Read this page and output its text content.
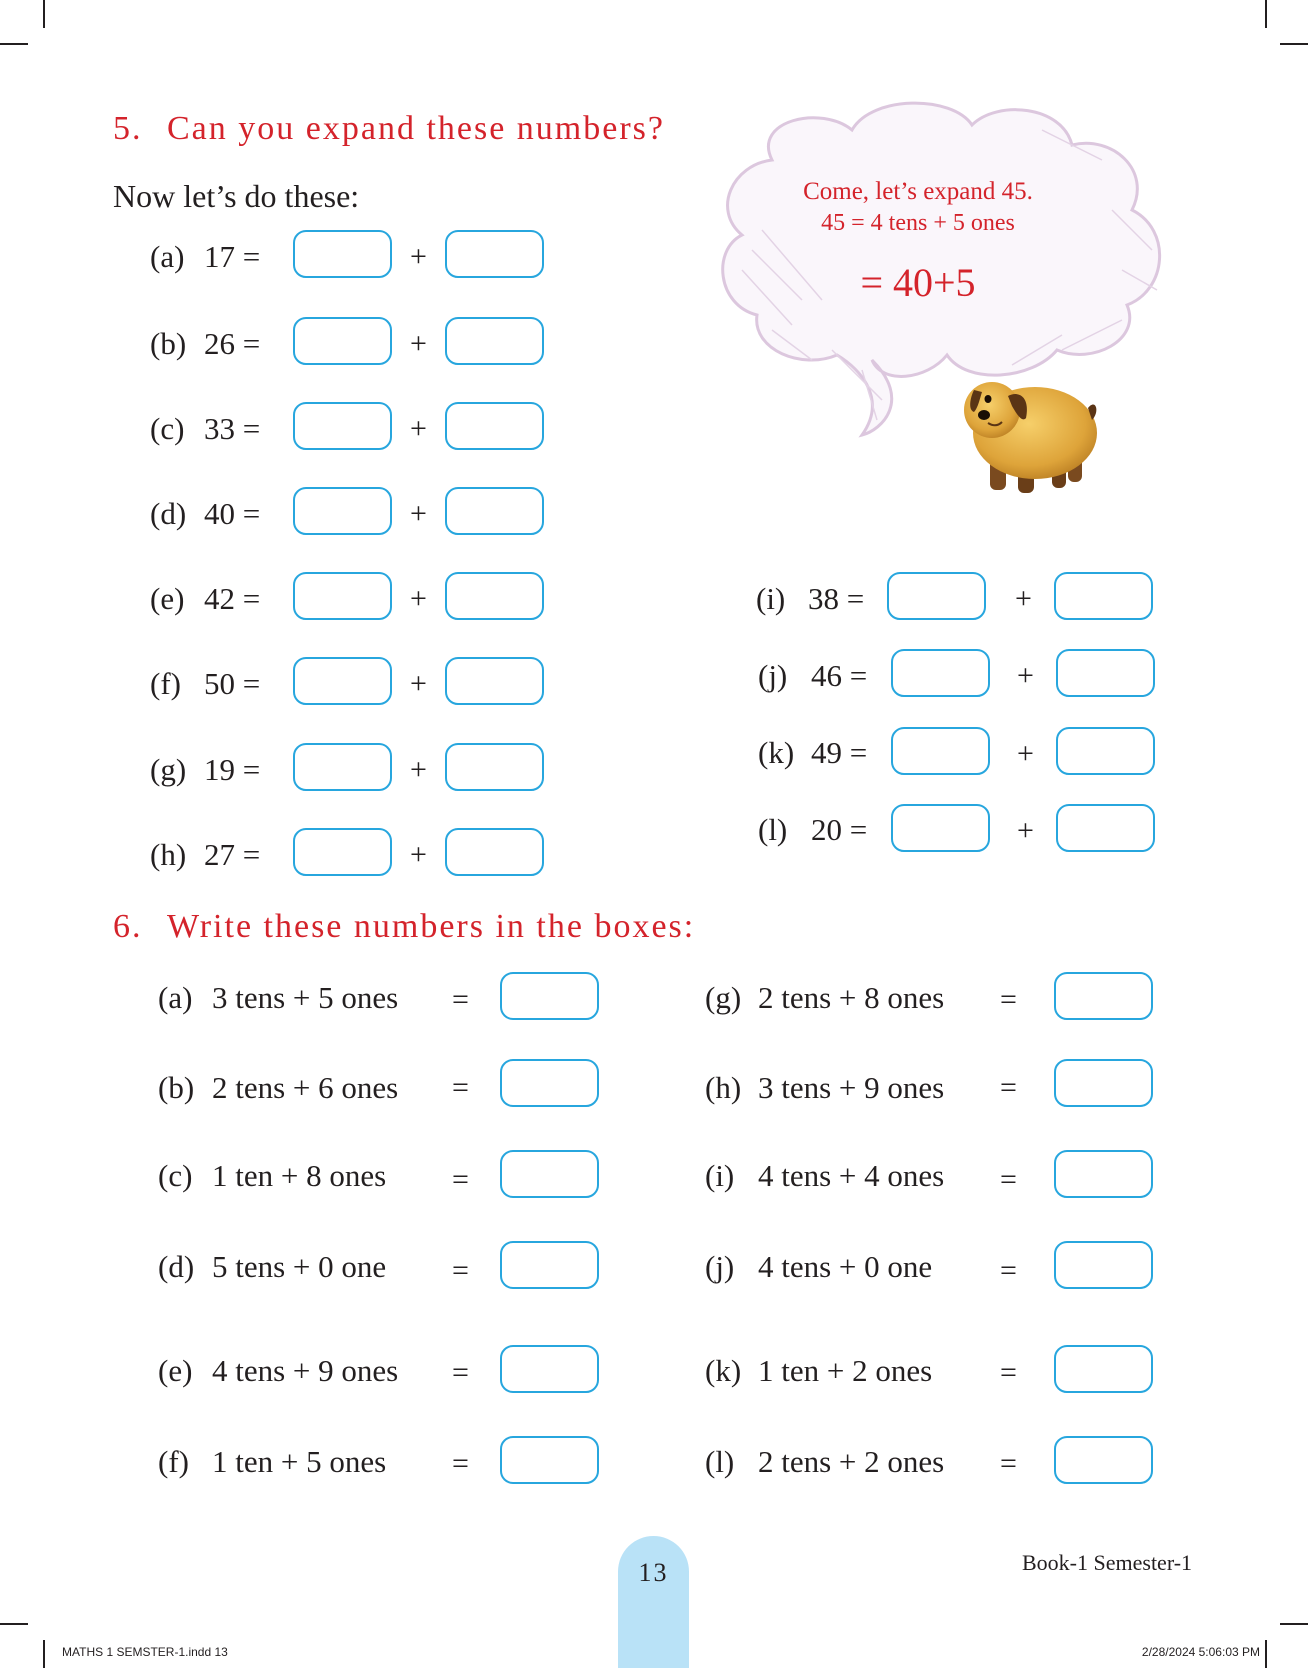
5. Can you expand these numbers?
Now let’s do these:	Come, let’s expand 45.
45 = 4 tens + 5 ones
= 40+5
(a) 17 =	+
(b) 26 =	+
(c) 33 =	+
(d) 40 =	+
(e) 42 =	+
(f) 50 =	+
(g) 19 =	+
(h) 27 =	+
(i) 38 =	+
(j) 46 =	+
(k) 49 =	+
(l) 20 =	+
6. Write these numbers in the boxes:
(a) 3 tens + 5 ones =
(b) 2 tens + 6 ones =
(c) 1 ten + 8 ones =
(d) 5 tens + 0 one =
(e) 4 tens + 9 ones =
(f) 1 ten + 5 ones =
(g) 2 tens + 8 ones =
(h) 3 tens + 9 ones =
(i) 4 tens + 4 ones =
(j) 4 tens + 0 one =
(k) 1 ten + 2 ones =
(l) 2 tens + 2 ones =
13	Book-1 Semester-1
MATHS 1 SEMSTER-1.indd 13	2/28/2024 5:06:03 PM
